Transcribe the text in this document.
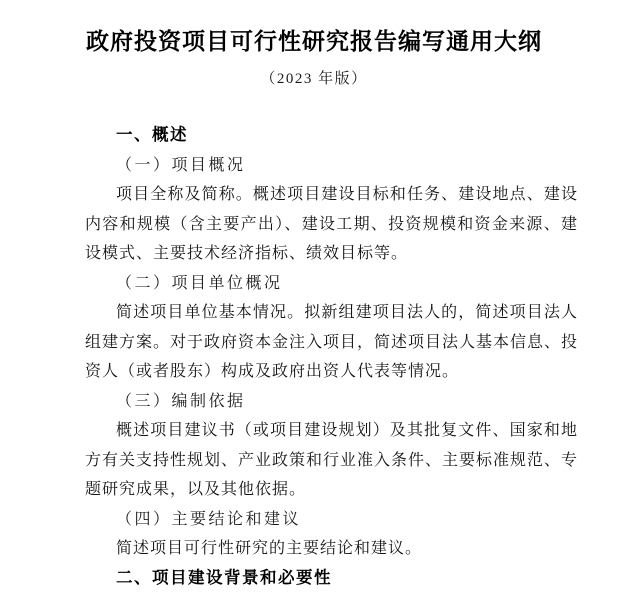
政府投资项目可行性研究报告编写通用大纲
（2023 年版）

一、概述

（一）项目概况

项目全称及简称。概述项目建设目标和任务、建设地点、建设内容和规模（含主要产出）、建设工期、投资规模和资金来源、建设模式、主要技术经济指标、绩效目标等。

（二）项目单位概况

简述项目单位基本情况。拟新组建项目法人的，简述项目法人组建方案。对于政府资本金注入项目，简述项目法人基本信息、投资人（或者股东）构成及政府出资人代表等情况。

（三）编制依据

概述项目建议书（或项目建设规划）及其批复文件、国家和地方有关支持性规划、产业政策和行业准入条件、主要标准规范、专题研究成果，以及其他依据。

（四）主要结论和建议

简述项目可行性研究的主要结论和建议。

二、项目建设背景和必要性
